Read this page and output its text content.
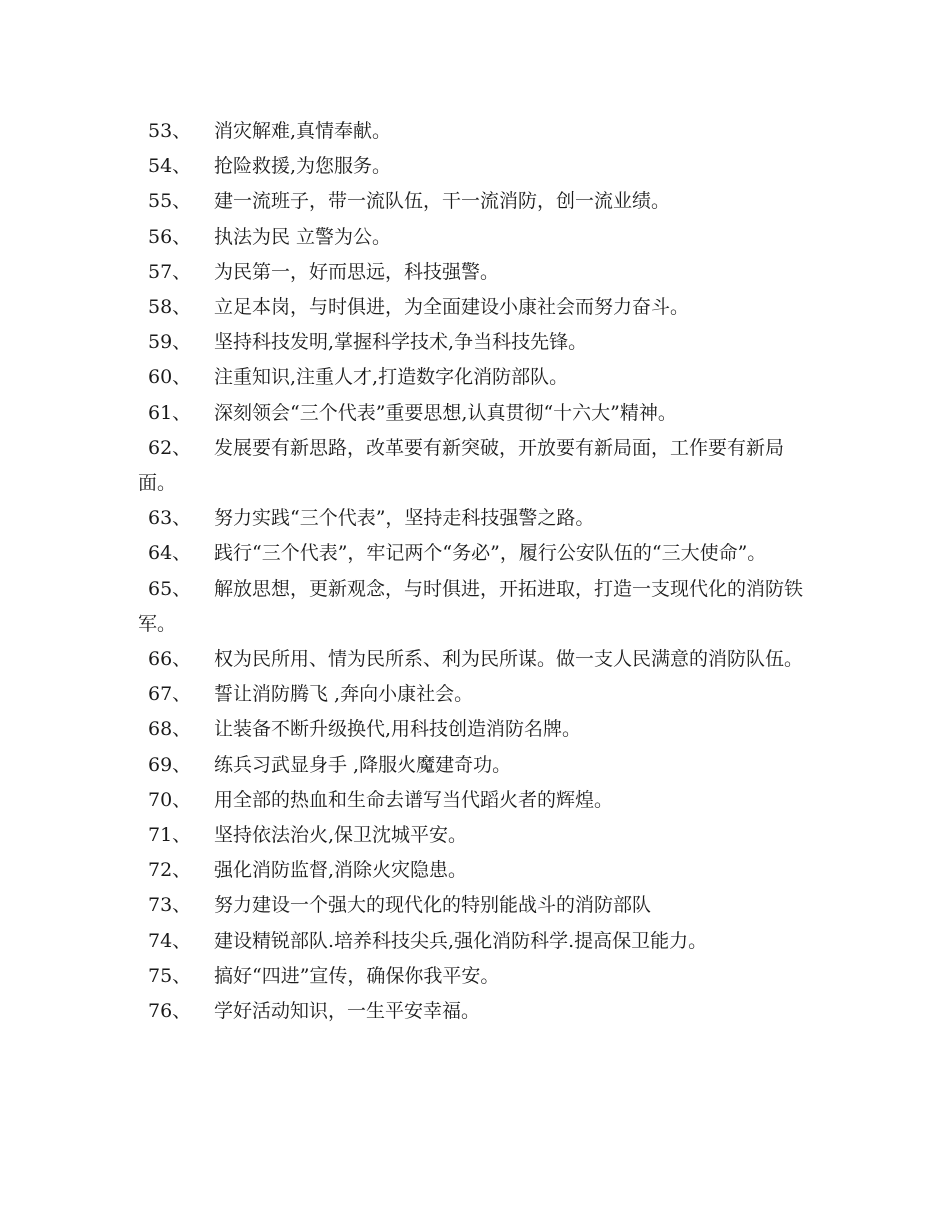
53、 消灾解难,真情奉献。

54、 抢险救援,为您服务。

55、 建一流班子，带一流队伍，干一流消防，创一流业绩。

56、 执法为民 立警为公。

57、 为民第一，好而思远，科技强警。

58、 立足本岗，与时俱进，为全面建设小康社会而努力奋斗。

59、 坚持科技发明,掌握科学技术,争当科技先锋。

60、 注重知识,注重人才,打造数字化消防部队。

61、 深刻领会“三个代表”重要思想,认真贯彻“十六大”精神。

62、 发展要有新思路，改革要有新突破，开放要有新局面，工作要有新局面。

63、 努力实践“三个代表”，坚持走科技强警之路。

64、 践行“三个代表”，牢记两个“务必”，履行公安队伍的“三大使命”。

65、 解放思想，更新观念，与时俱进，开拓进取，打造一支现代化的消防铁军。

66、 权为民所用、情为民所系、利为民所谋。做一支人民满意的消防队伍。

67、 誓让消防腾飞 ,奔向小康社会。

68、 让装备不断升级换代,用科技创造消防名牌。

69、 练兵习武显身手 ,降服火魔建奇功。

70、 用全部的热血和生命去谱写当代蹈火者的辉煌。

71、 坚持依法治火,保卫沈城平安。

72、 强化消防监督,消除火灾隐患。

73、 努力建设一个强大的现代化的特别能战斗的消防部队

74、 建设精锐部队.培养科技尖兵,强化消防科学.提高保卫能力。

75、 搞好“四进”宣传，确保你我平安。

76、 学好活动知识，一生平安幸福。
